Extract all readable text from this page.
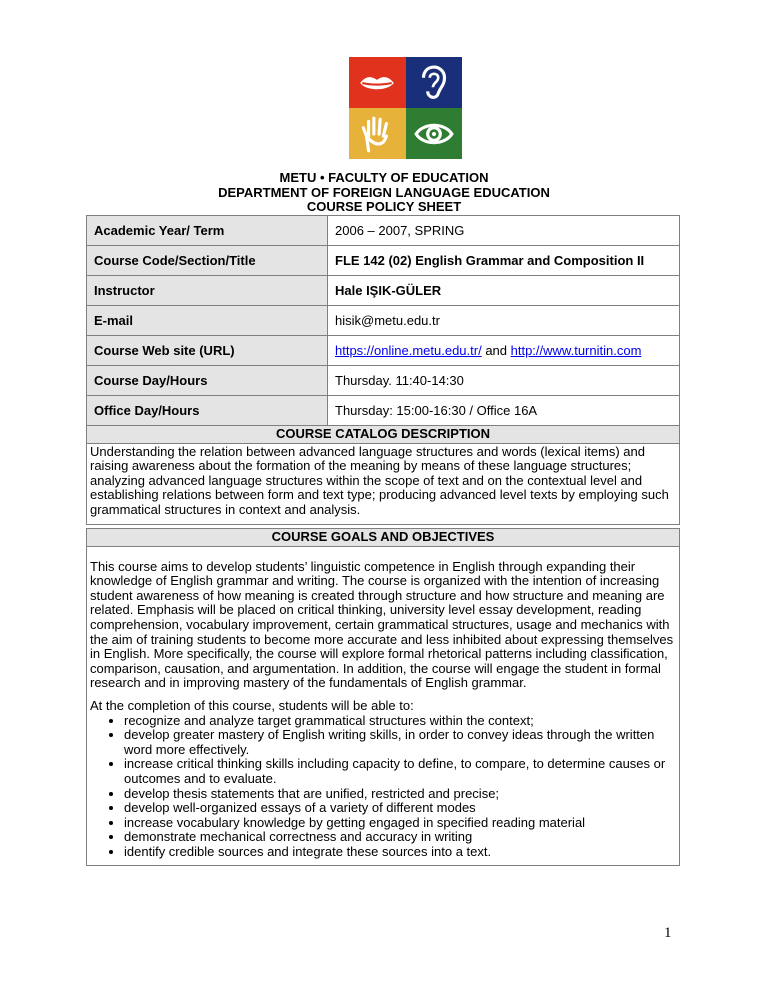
METU • FACULTY OF EDUCATION
DEPARTMENT OF FOREIGN LANGUAGE EDUCATION
COURSE POLICY SHEET
Academic Year/ Term	2006 – 2007, SPRING
Course Code/Section/Title	FLE 142 (02) English Grammar and Composition II
Instructor	Hale IŞIK-GÜLER
E-mail	hisik@metu.edu.tr
Course Web site (URL)	https://online.metu.edu.tr/ and http://www.turnitin.com
Course Day/Hours	Thursday. 11:40-14:30
Office Day/Hours	Thursday: 15:00-16:30 / Office 16A
COURSE CATALOG DESCRIPTION
Understanding the relation between advanced language structures and words (lexical items) and raising awareness about the formation of the meaning by means of these language structures; analyzing advanced language structures within the scope of text and on the contextual level and establishing relations between form and text type; producing advanced level texts by employing such grammatical structures in context and analysis.
COURSE GOALS AND OBJECTIVES
This course aims to develop students’ linguistic competence in English through expanding their knowledge of English grammar and writing. The course is organized with the intention of increasing student awareness of how meaning is created through structure and how structure and meaning are related. Emphasis will be placed on critical thinking, university level essay development, reading comprehension, vocabulary improvement, certain grammatical structures, usage and mechanics with the aim of training students to become more accurate and less inhibited about expressing themselves in English. More specifically, the course will explore formal rhetorical patterns including classification, comparison, causation, and argumentation. In addition, the course will engage the student in formal research and in improving mastery of the fundamentals of English grammar.
At the completion of this course, students will be able to:
• recognize and analyze target grammatical structures within the context;
• develop greater mastery of English writing skills, in order to convey ideas through the written word more effectively.
• increase critical thinking skills including capacity to define, to compare, to determine causes or outcomes and to evaluate.
• develop thesis statements that are unified, restricted and precise;
• develop well-organized essays of a variety of different modes
• increase vocabulary knowledge by getting engaged in specified reading material
• demonstrate mechanical correctness and accuracy in writing
• identify credible sources and integrate these sources into a text.
1
